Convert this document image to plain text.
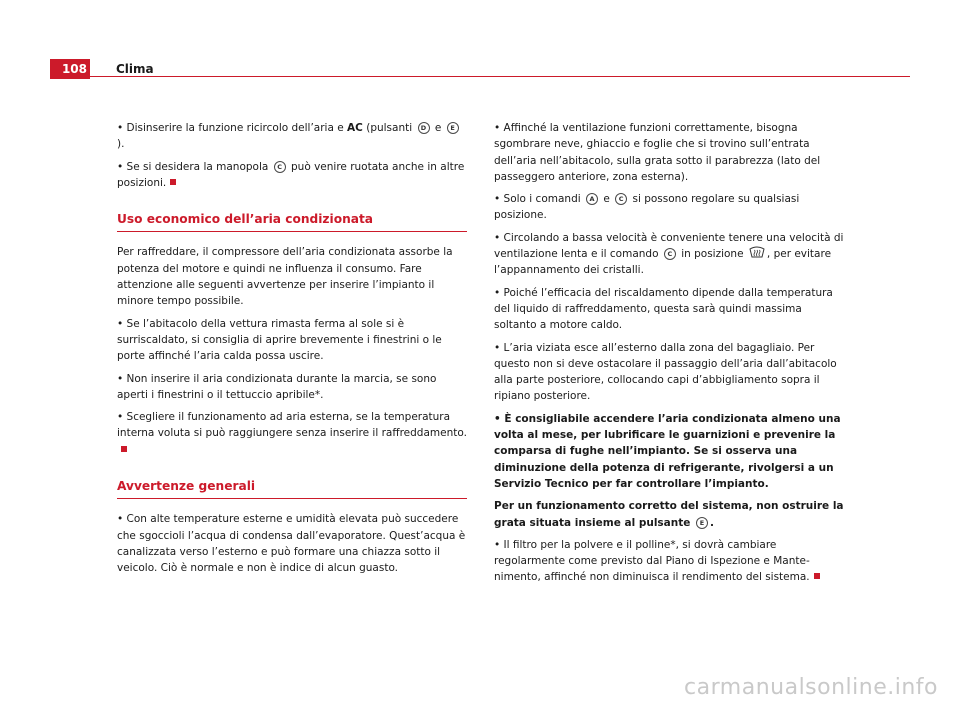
108 Clima

• Disinserire la funzione ricircolo dell’aria e AC (pulsanti D e E).

• Se si desidera la manopola C può venire ruotata anche in altre posizioni.

Uso economico dell’aria condizionata

Per raffreddare, il compressore dell’aria condizionata assorbe la potenza del motore e quindi ne influenza il consumo. Fare attenzione alle seguenti avvertenze per inserire l’impianto il minore tempo possibile.

• Se l’abitacolo della vettura rimasta ferma al sole si è surriscaldato, si consiglia di aprire brevemente i finestrini o le porte affinché l’aria calda possa uscire.

• Non inserire il aria condizionata durante la marcia, se sono aperti i finestrini o il tettuccio apribile*.

• Scegliere il funzionamento ad aria esterna, se la temperatura interna voluta si può raggiungere senza inserire il raffreddamento.

Avvertenze generali

• Con alte temperature esterne e umidità elevata può succedere che sgoccioli l’acqua di condensa dall’evaporatore. Quest’acqua è canalizzata verso l’esterno e può formare una chiazza sotto il veicolo. Ciò è normale e non è indice di alcun guasto.

• Affinché la ventilazione funzioni correttamente, bisogna sgombrare neve, ghiaccio e foglie che si trovino sull’entrata dell’aria nell’abitacolo, sulla grata sotto il parabrezza (lato del passeggero anteriore, zona esterna).

• Solo i comandi A e C si possono regolare su qualsiasi posizione.

• Circolando a bassa velocità è conveniente tenere una velocità di ventilazione lenta e il comando C in posizione , per evitare l’appannamento dei cristalli.

• Poiché l’efficacia del riscaldamento dipende dalla temperatura del liquido di raffreddamento, questa sarà quindi massima soltanto a motore caldo.

• L’aria viziata esce all’esterno dalla zona del bagagliaio. Per questo non si deve ostacolare il passaggio dell’aria dall’abitacolo alla parte posteriore, collocando capi d’abbigliamento sopra il ripiano posteriore.

• È consigliabile accendere l’aria condizionata almeno una volta al mese, per lubrificare le guarnizioni e prevenire la comparsa di fughe nell’impianto. Se si osserva una diminuzione della potenza di refrigerante, rivolgersi a un Servizio Tecnico per far controllare l’impianto.

Per un funzionamento corretto del sistema, non ostruire la grata situata insieme al pulsante E .

• Il filtro per la polvere e il polline*, si dovrà cambiare regolarmente come previsto dal Piano di Ispezione e Mante- nimento, affinché non diminuisca il rendimento del sistema.

carmanualsonline.info
